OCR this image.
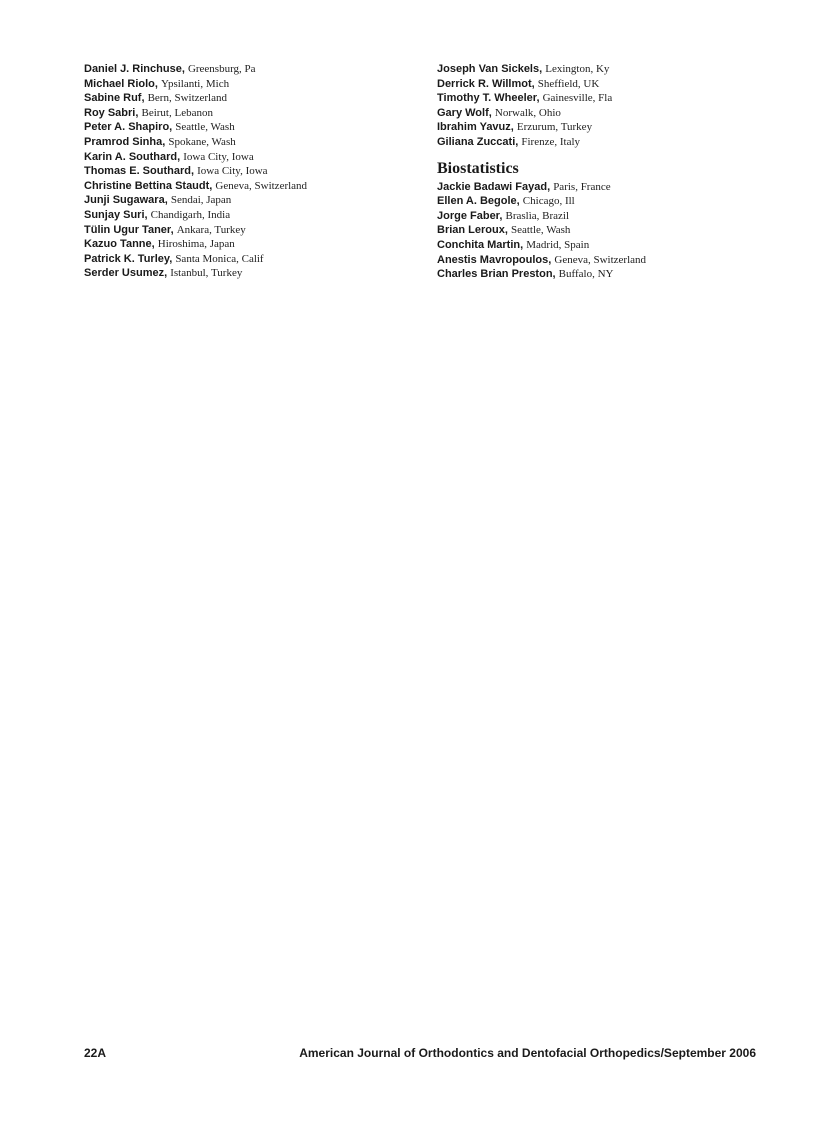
Daniel J. Rinchuse, Greensburg, Pa
Michael Riolo, Ypsilanti, Mich
Sabine Ruf, Bern, Switzerland
Roy Sabri, Beirut, Lebanon
Peter A. Shapiro, Seattle, Wash
Pramrod Sinha, Spokane, Wash
Karin A. Southard, Iowa City, Iowa
Thomas E. Southard, Iowa City, Iowa
Christine Bettina Staudt, Geneva, Switzerland
Junji Sugawara, Sendai, Japan
Sunjay Suri, Chandigarh, India
Tülin Ugur Taner, Ankara, Turkey
Kazuo Tanne, Hiroshima, Japan
Patrick K. Turley, Santa Monica, Calif
Serder Usumez, Istanbul, Turkey
Joseph Van Sickels, Lexington, Ky
Derrick R. Willmot, Sheffield, UK
Timothy T. Wheeler, Gainesville, Fla
Gary Wolf, Norwalk, Ohio
Ibrahim Yavuz, Erzurum, Turkey
Giliana Zuccati, Firenze, Italy
Biostatistics
Jackie Badawi Fayad, Paris, France
Ellen A. Begole, Chicago, Ill
Jorge Faber, Braslìa, Brazil
Brian Leroux, Seattle, Wash
Conchita Martin, Madrid, Spain
Anestis Mavropoulos, Geneva, Switzerland
Charles Brian Preston, Buffalo, NY
22A	American Journal of Orthodontics and Dentofacial Orthopedics/September 2006
